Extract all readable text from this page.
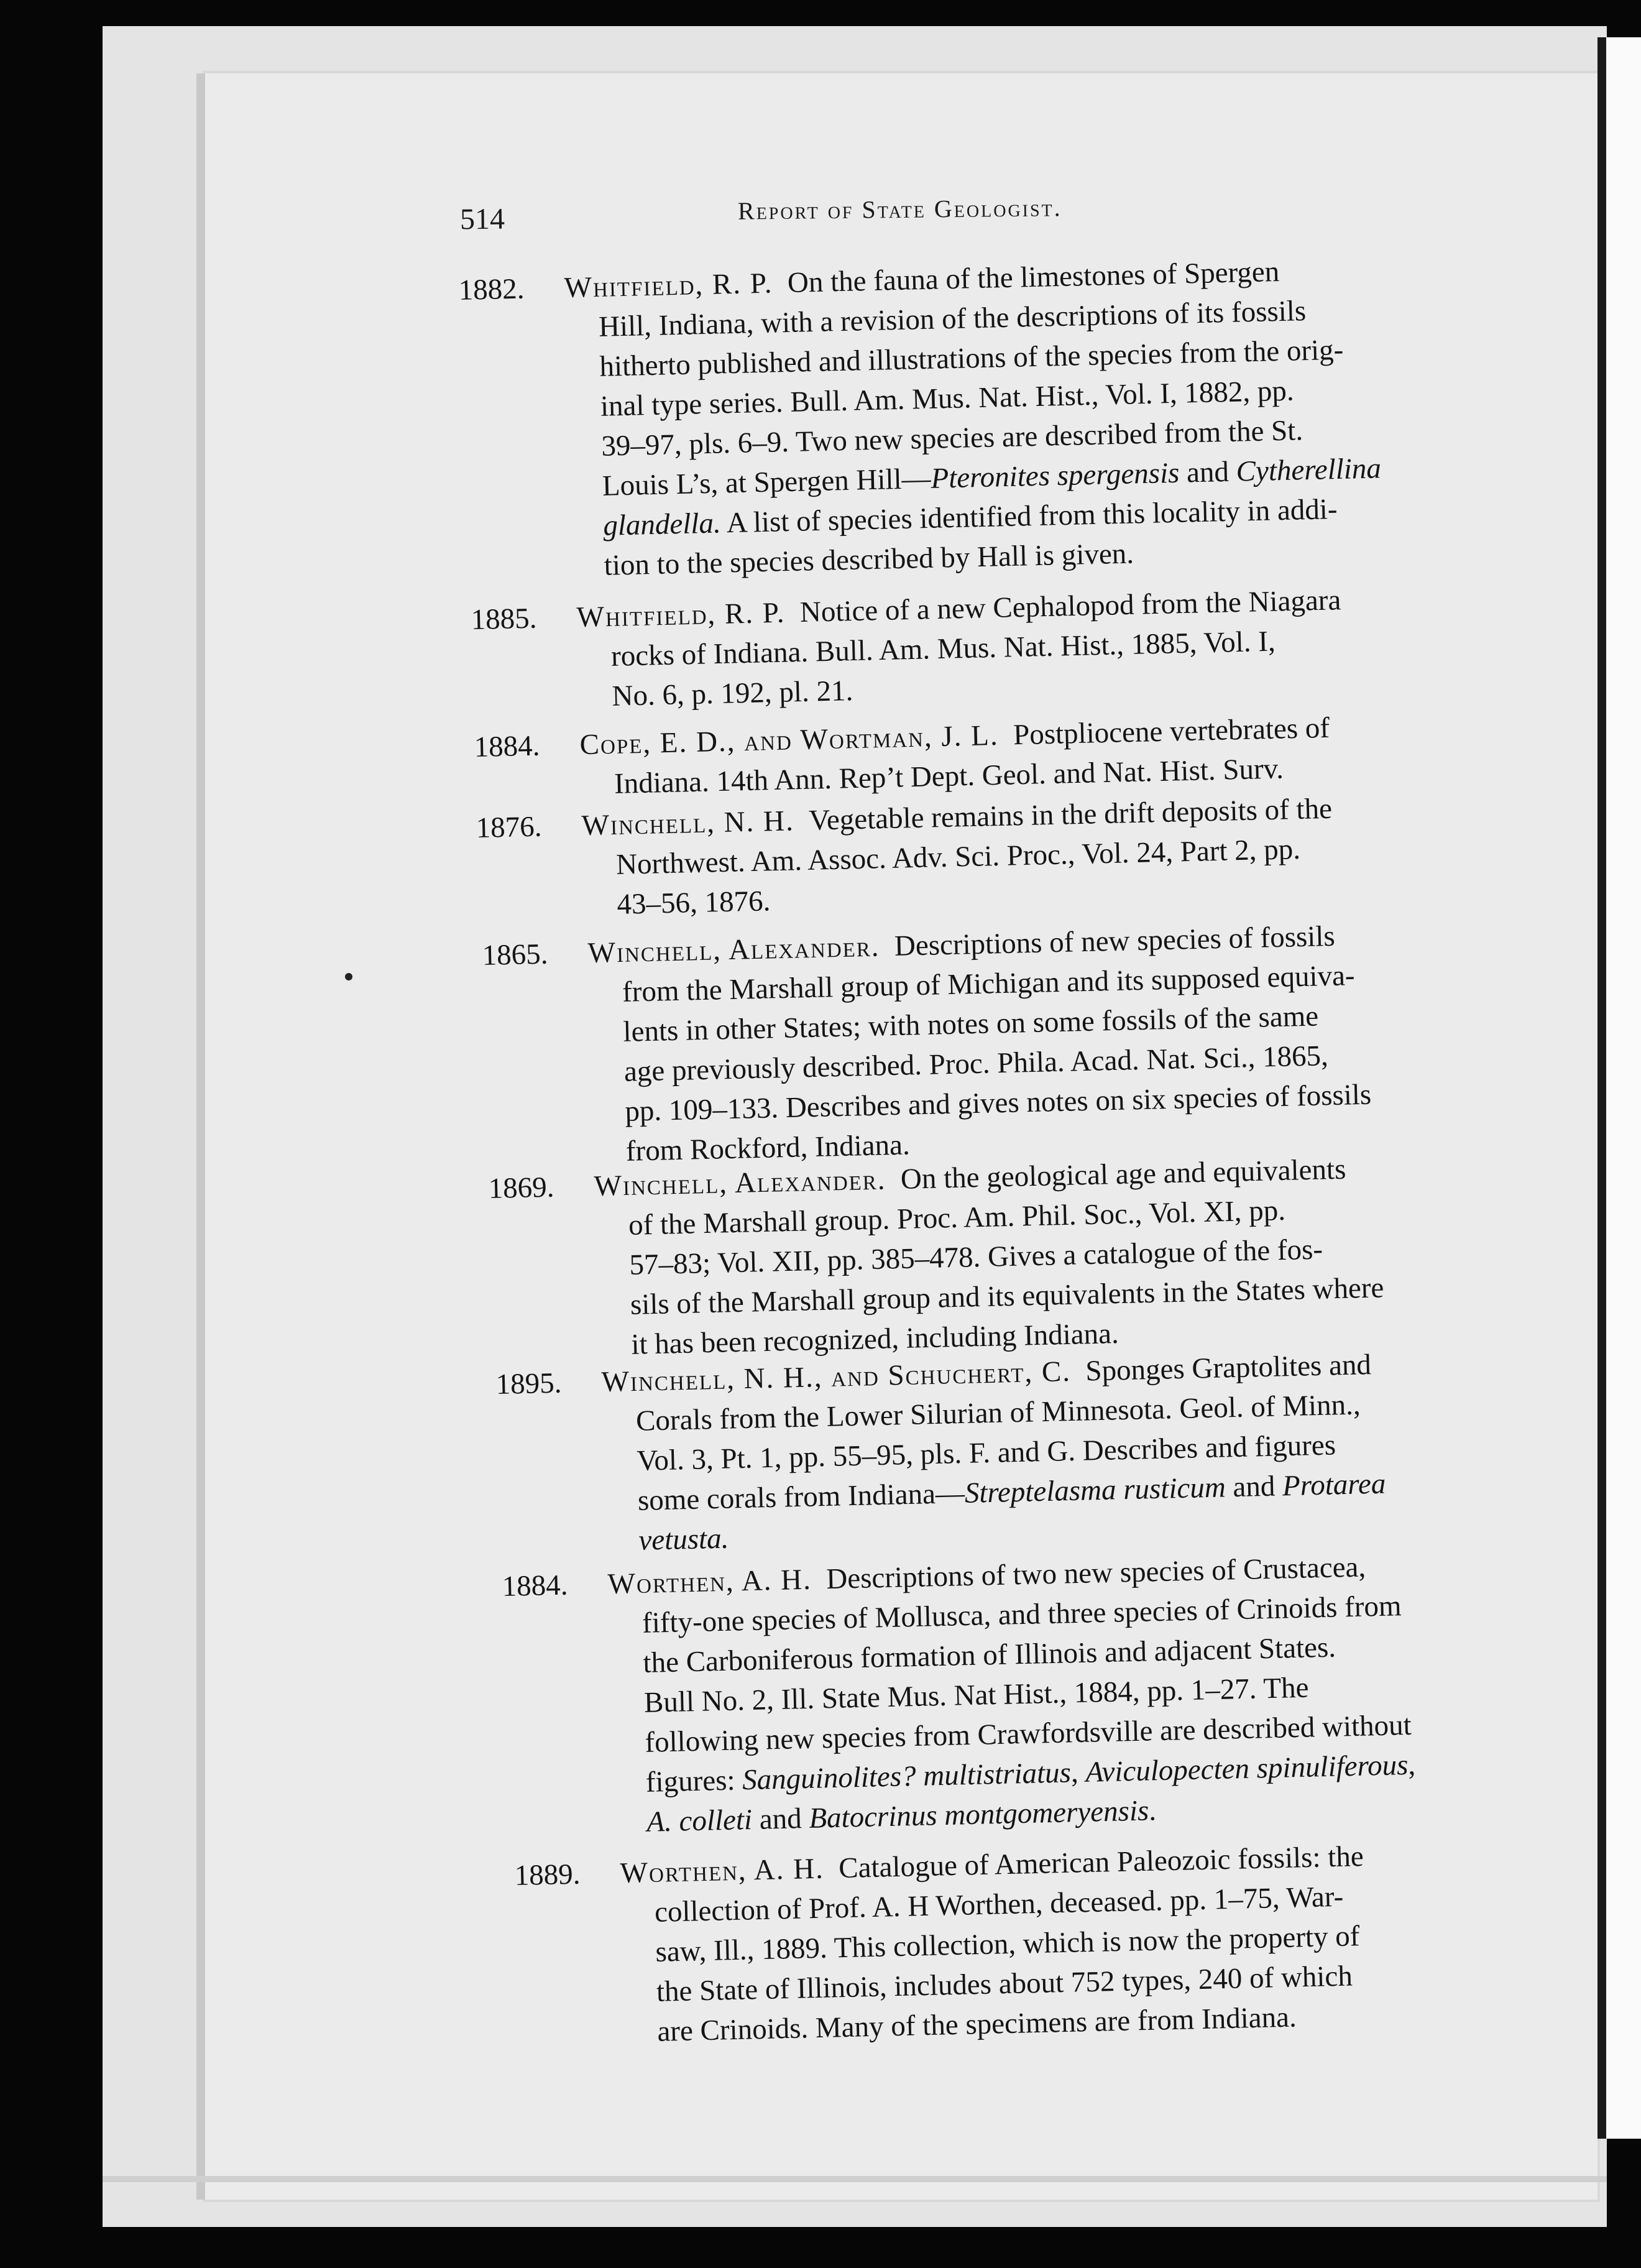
514	Report of State Geologist.
1882. Whitfield, R. P. On the fauna of the limestones of Spergen
Hill, Indiana, with a revision of the descriptions of its fossils
hitherto published and illustrations of the species from the orig-
inal type series. Bull. Am. Mus. Nat. Hist., Vol. I, 1882, pp.
39–97, pls. 6–9. Two new species are described from the St.
Louis L’s, at Spergen Hill—Pteronites spergensis and Cytherellina
glandella. A list of species identified from this locality in addi-
tion to the species described by Hall is given.
1885. Whitfield, R. P. Notice of a new Cephalopod from the Niagara
rocks of Indiana. Bull. Am. Mus. Nat. Hist., 1885, Vol. I,
No. 6, p. 192, pl. 21.
1884. Cope, E. D., and Wortman, J. L. Postpliocene vertebrates of
Indiana. 14th Ann. Rep’t Dept. Geol. and Nat. Hist. Surv.
1876. Winchell, N. H. Vegetable remains in the drift deposits of the
Northwest. Am. Assoc. Adv. Sci. Proc., Vol. 24, Part 2, pp.
43–56, 1876.
1865. Winchell, Alexander. Descriptions of new species of fossils
from the Marshall group of Michigan and its supposed equiva-
lents in other States; with notes on some fossils of the same
age previously described. Proc. Phila. Acad. Nat. Sci., 1865,
pp. 109–133. Describes and gives notes on six species of fossils
from Rockford, Indiana.
1869. Winchell, Alexander. On the geological age and equivalents
of the Marshall group. Proc. Am. Phil. Soc., Vol. XI, pp.
57–83; Vol. XII, pp. 385–478. Gives a catalogue of the fos-
sils of the Marshall group and its equivalents in the States where
it has been recognized, including Indiana.
1895. Winchell, N. H., and Schuchert, C. Sponges Graptolites and
Corals from the Lower Silurian of Minnesota. Geol. of Minn.,
Vol. 3, Pt. 1, pp. 55–95, pls. F. and G. Describes and figures
some corals from Indiana—Streptelasma rusticum and Protarea
vetusta.
1884. Worthen, A. H. Descriptions of two new species of Crustacea,
fifty-one species of Mollusca, and three species of Crinoids from
the Carboniferous formation of Illinois and adjacent States.
Bull No. 2, Ill. State Mus. Nat Hist., 1884, pp. 1–27. The
following new species from Crawfordsville are described without
figures: Sanguinolites? multistriatus, Aviculopecten spinuliferous,
A. colleti and Batocrinus montgomeryensis.
1889. Worthen, A. H. Catalogue of American Paleozoic fossils: the
collection of Prof. A. H Worthen, deceased. pp. 1–75, War-
saw, Ill., 1889. This collection, which is now the property of
the State of Illinois, includes about 752 types, 240 of which
are Crinoids. Many of the specimens are from Indiana.
